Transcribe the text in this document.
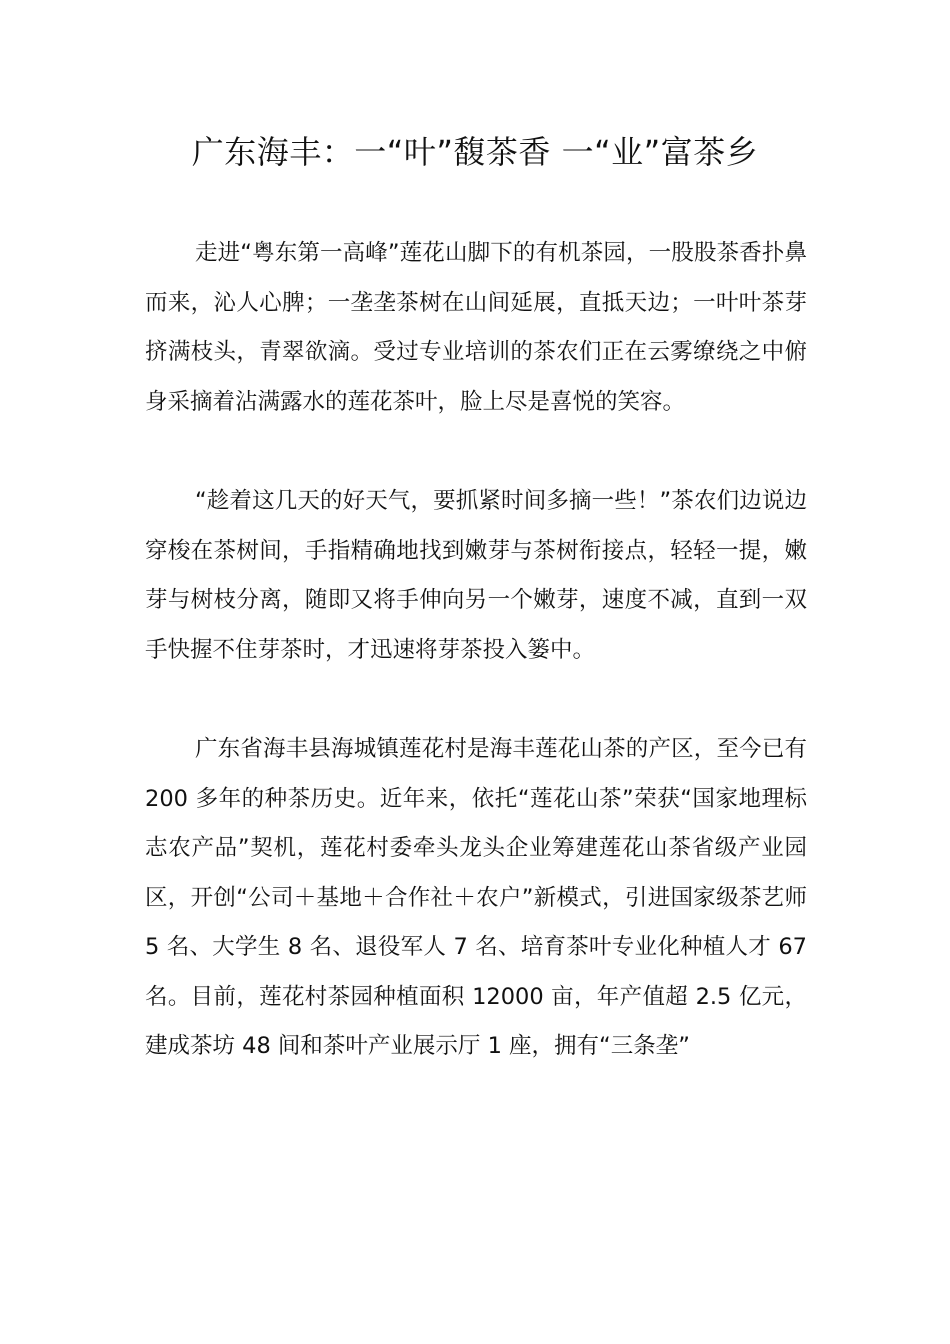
广东海丰：一“叶”馥茶香 一“业”富茶乡

走进“粤东第一高峰”莲花山脚下的有机茶园，一股股茶香扑鼻而来，沁人心脾；一垄垄茶树在山间延展，直抵天边；一叶叶茶芽挤满枝头，青翠欲滴。受过专业培训的茶农们正在云雾缭绕之中俯身采摘着沾满露水的莲花茶叶，脸上尽是喜悦的笑容。

“趁着这几天的好天气，要抓紧时间多摘一些！”茶农们边说边穿梭在茶树间，手指精确地找到嫩芽与茶树衔接点，轻轻一提，嫩芽与树枝分离，随即又将手伸向另一个嫩芽，速度不减，直到一双手快握不住芽茶时，才迅速将芽茶投入篓中。

广东省海丰县海城镇莲花村是海丰莲花山茶的产区，至今已有 200 多年的种茶历史。近年来，依托“莲花山茶”荣获“国家地理标志农产品”契机，莲花村委牵头龙头企业筹建莲花山茶省级产业园区，开创“公司＋基地＋合作社＋农户”新模式，引进国家级茶艺师 5 名、大学生 8 名、退役军人 7 名、培育茶叶专业化种植人才 67 名。目前，莲花村茶园种植面积 12000 亩，年产值超 2.5 亿元，建成茶坊 48 间和茶叶产业展示厅 1 座，拥有“三条垄”
